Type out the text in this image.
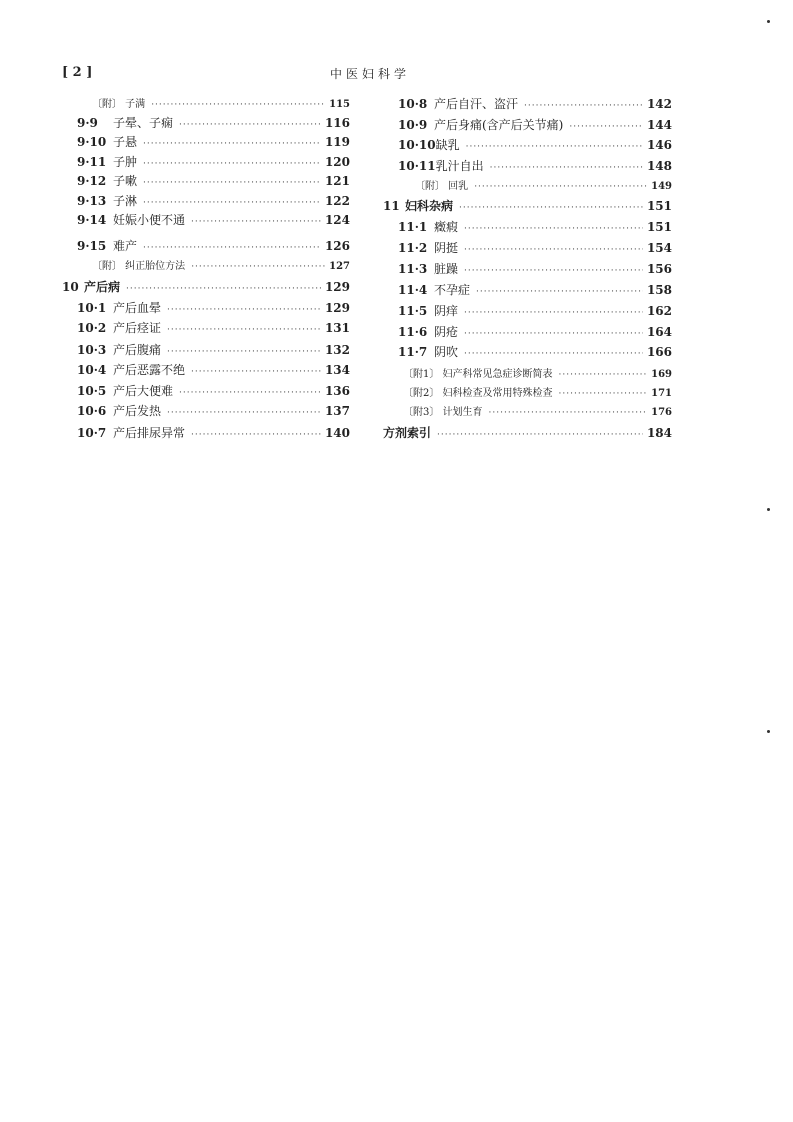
[ 2 ]	中医妇科学
〔附〕 子满 ·····	115
9·9	子晕、子痫 ·····	116
9·10 子悬 ·····	119
9·11 子肿 ·····	120
9·12 子嗽 ·····	121
9·13 子淋 ·····	122
9·14 妊娠小便不通 ·····	124
9·15 难产 ·····	126
〔附〕 纠正胎位方法 ·····	127
10 产后病 ·····	129
10·1 产后血晕 ·····	129
10·2 产后痉证 ·····	131
10·3 产后腹痛 ·····	132
10·4 产后恶露不绝 ·····	134
10·5 产后大便难 ·····	136
10·6 产后发热 ·····	137
10·7 产后排尿异常 ·····	140
10·8 产后自汗、盗汗 ·····	142
10·9 产后身痛(含产后关节痛) ·····	144
10·10 缺乳 ·····	146
10·11 乳汁自出 ·····	148
〔附〕 回乳 ·····	149
11 妇科杂病 ·····	151
11·1 癥瘕 ·····	151
11·2 阴挺 ·····	154
11·3 脏躁 ·····	156
11·4 不孕症 ·····	158
11·5 阴痒 ·····	162
11·6 阴疮 ·····	164
11·7 阴吹 ·····	166
〔附1〕 妇产科常见急症诊断简表 ·····	169
〔附2〕 妇科检查及常用特殊检查 ·····	171
〔附3〕 计划生育 ·····	176
方剂索引 ·····	184
